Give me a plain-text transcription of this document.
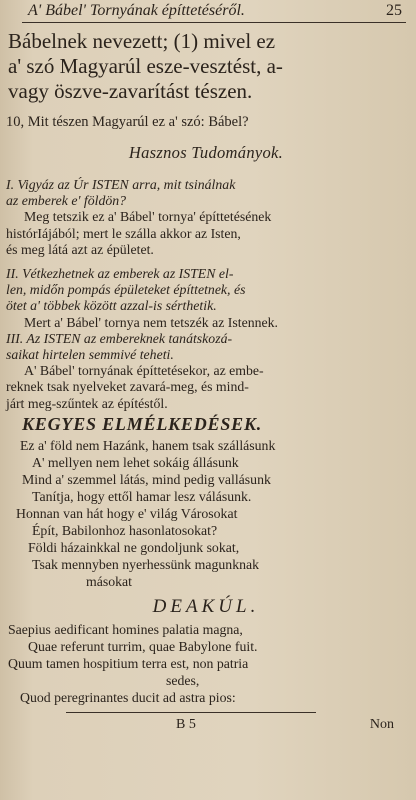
A' Bábel' Tornyának építtetéséről.	25
Bábelnek nevezett; (1) mivel ez
a' szó Magyarúl esze-vesztést, a-
vagy öszve-zavarítást tészen.
10, Mit tészen Magyarúl ez a' szó: Bábel?
Hasznos Tudományok.

I. Vigyáz az Úr ISTEN arra, mit tsinálnak

az emberek e' földön?

Meg tetszik ez a' Bábel' tornya' építtetésének

histórIájából; mert le szálla akkor az Isten,

és meg látá azt az épületet.

II. Vétkezhetnek az emberek az ISTEN el-

len, midőn pompás épületeket építtetnek, és

ötet a' többek között azzal-is sérthetik.

Mert a' Bábel' tornya nem tetszék az Istennek.

III. Az ISTEN az embereknek tanátskozá-

saikat hirtelen semmivé teheti.

A' Bábel' tornyának építtetésekor, az embe-

reknek tsak nyelveket zavará-meg, és mind-

járt meg-szűntek az építéstől.

KEGYES ELMÉLKEDÉSEK.

Ez a' föld nem Hazánk, hanem tsak szállásunk

A' mellyen nem lehet sokáig állásunk

Mind a' szemmel látás, mind pedig vallásunk

Tanítja, hogy ettől hamar lesz válásunk.

Honnan van hát hogy e' világ Városokat

Épít, Babilonhoz hasonlatosokat?

Földi házainkkal ne gondoljunk sokat,

Tsak mennyben nyerhessünk magunknak

másokat

DEAKÚL.

Saepius aedificant homines palatia magna,

Quae referunt turrim, quae Babylone fuit.

Quum tamen hospitium terra est, non patria

sedes,

Quod peregrinantes ducit ad astra pios:

B 5	Non
